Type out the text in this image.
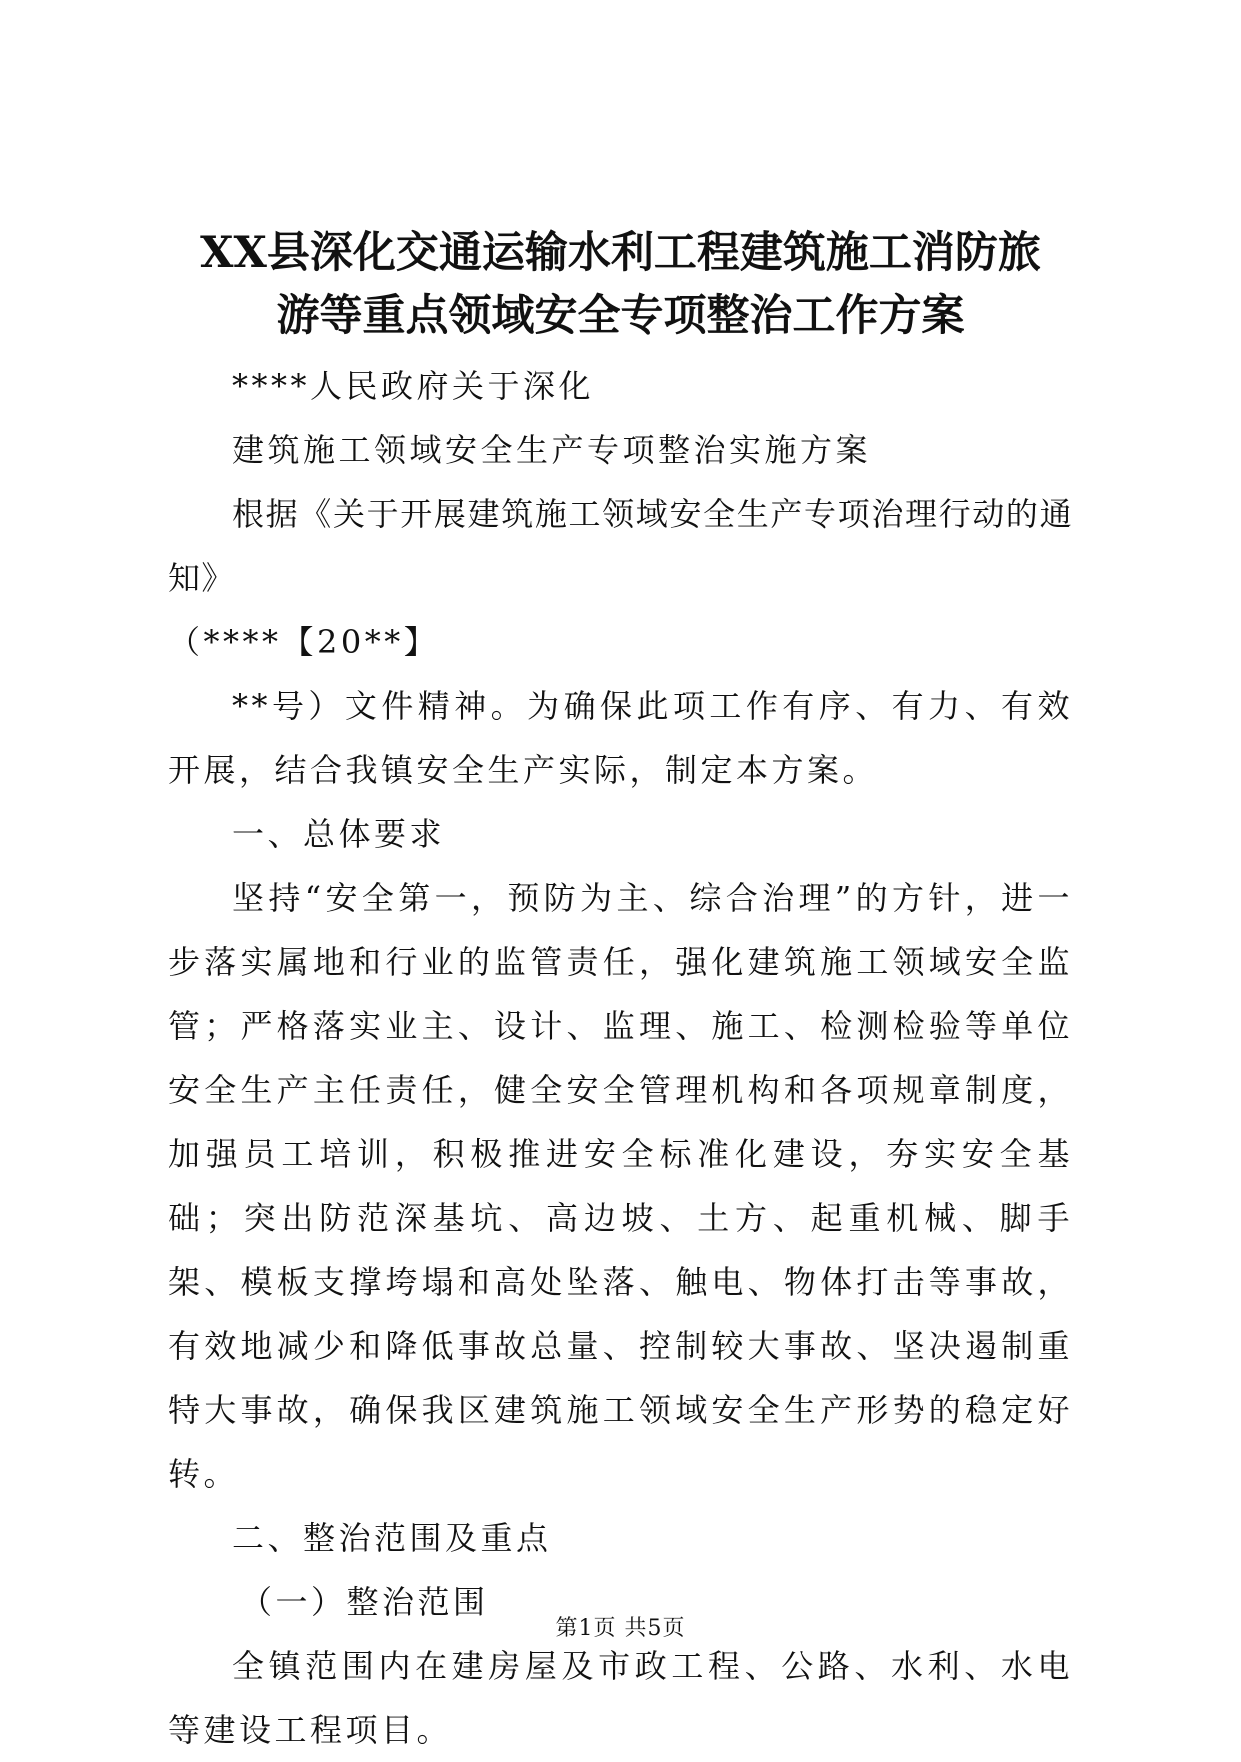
XX县深化交通运输水利工程建筑施工消防旅
游等重点领域安全专项整治工作方案

****人民政府关于深化

建筑施工领域安全生产专项整治实施方案

根据《关于开展建筑施工领域安全生产专项治理行动的通知》

（****【20**】

**号）文件精神。为确保此项工作有序、有力、有效开展，结合我镇安全生产实际，制定本方案。

一、总体要求

坚持“安全第一，预防为主、综合治理”的方针，进一步落实属地和行业的监管责任，强化建筑施工领域安全监管；严格落实业主、设计、监理、施工、检测检验等单位安全生产主任责任，健全安全管理机构和各项规章制度，加强员工培训，积极推进安全标准化建设，夯实安全基础；突出防范深基坑、高边坡、土方、起重机械、脚手架、模板支撑垮塌和高处坠落、触电、物体打击等事故，有效地减少和降低事故总量、控制较大事故、坚决遏制重特大事故，确保我区建筑施工领域安全生产形势的稳定好转。

二、整治范围及重点

（一）整治范围

全镇范围内在建房屋及市政工程、公路、水利、水电等建设工程项目。

第1页 共5页
